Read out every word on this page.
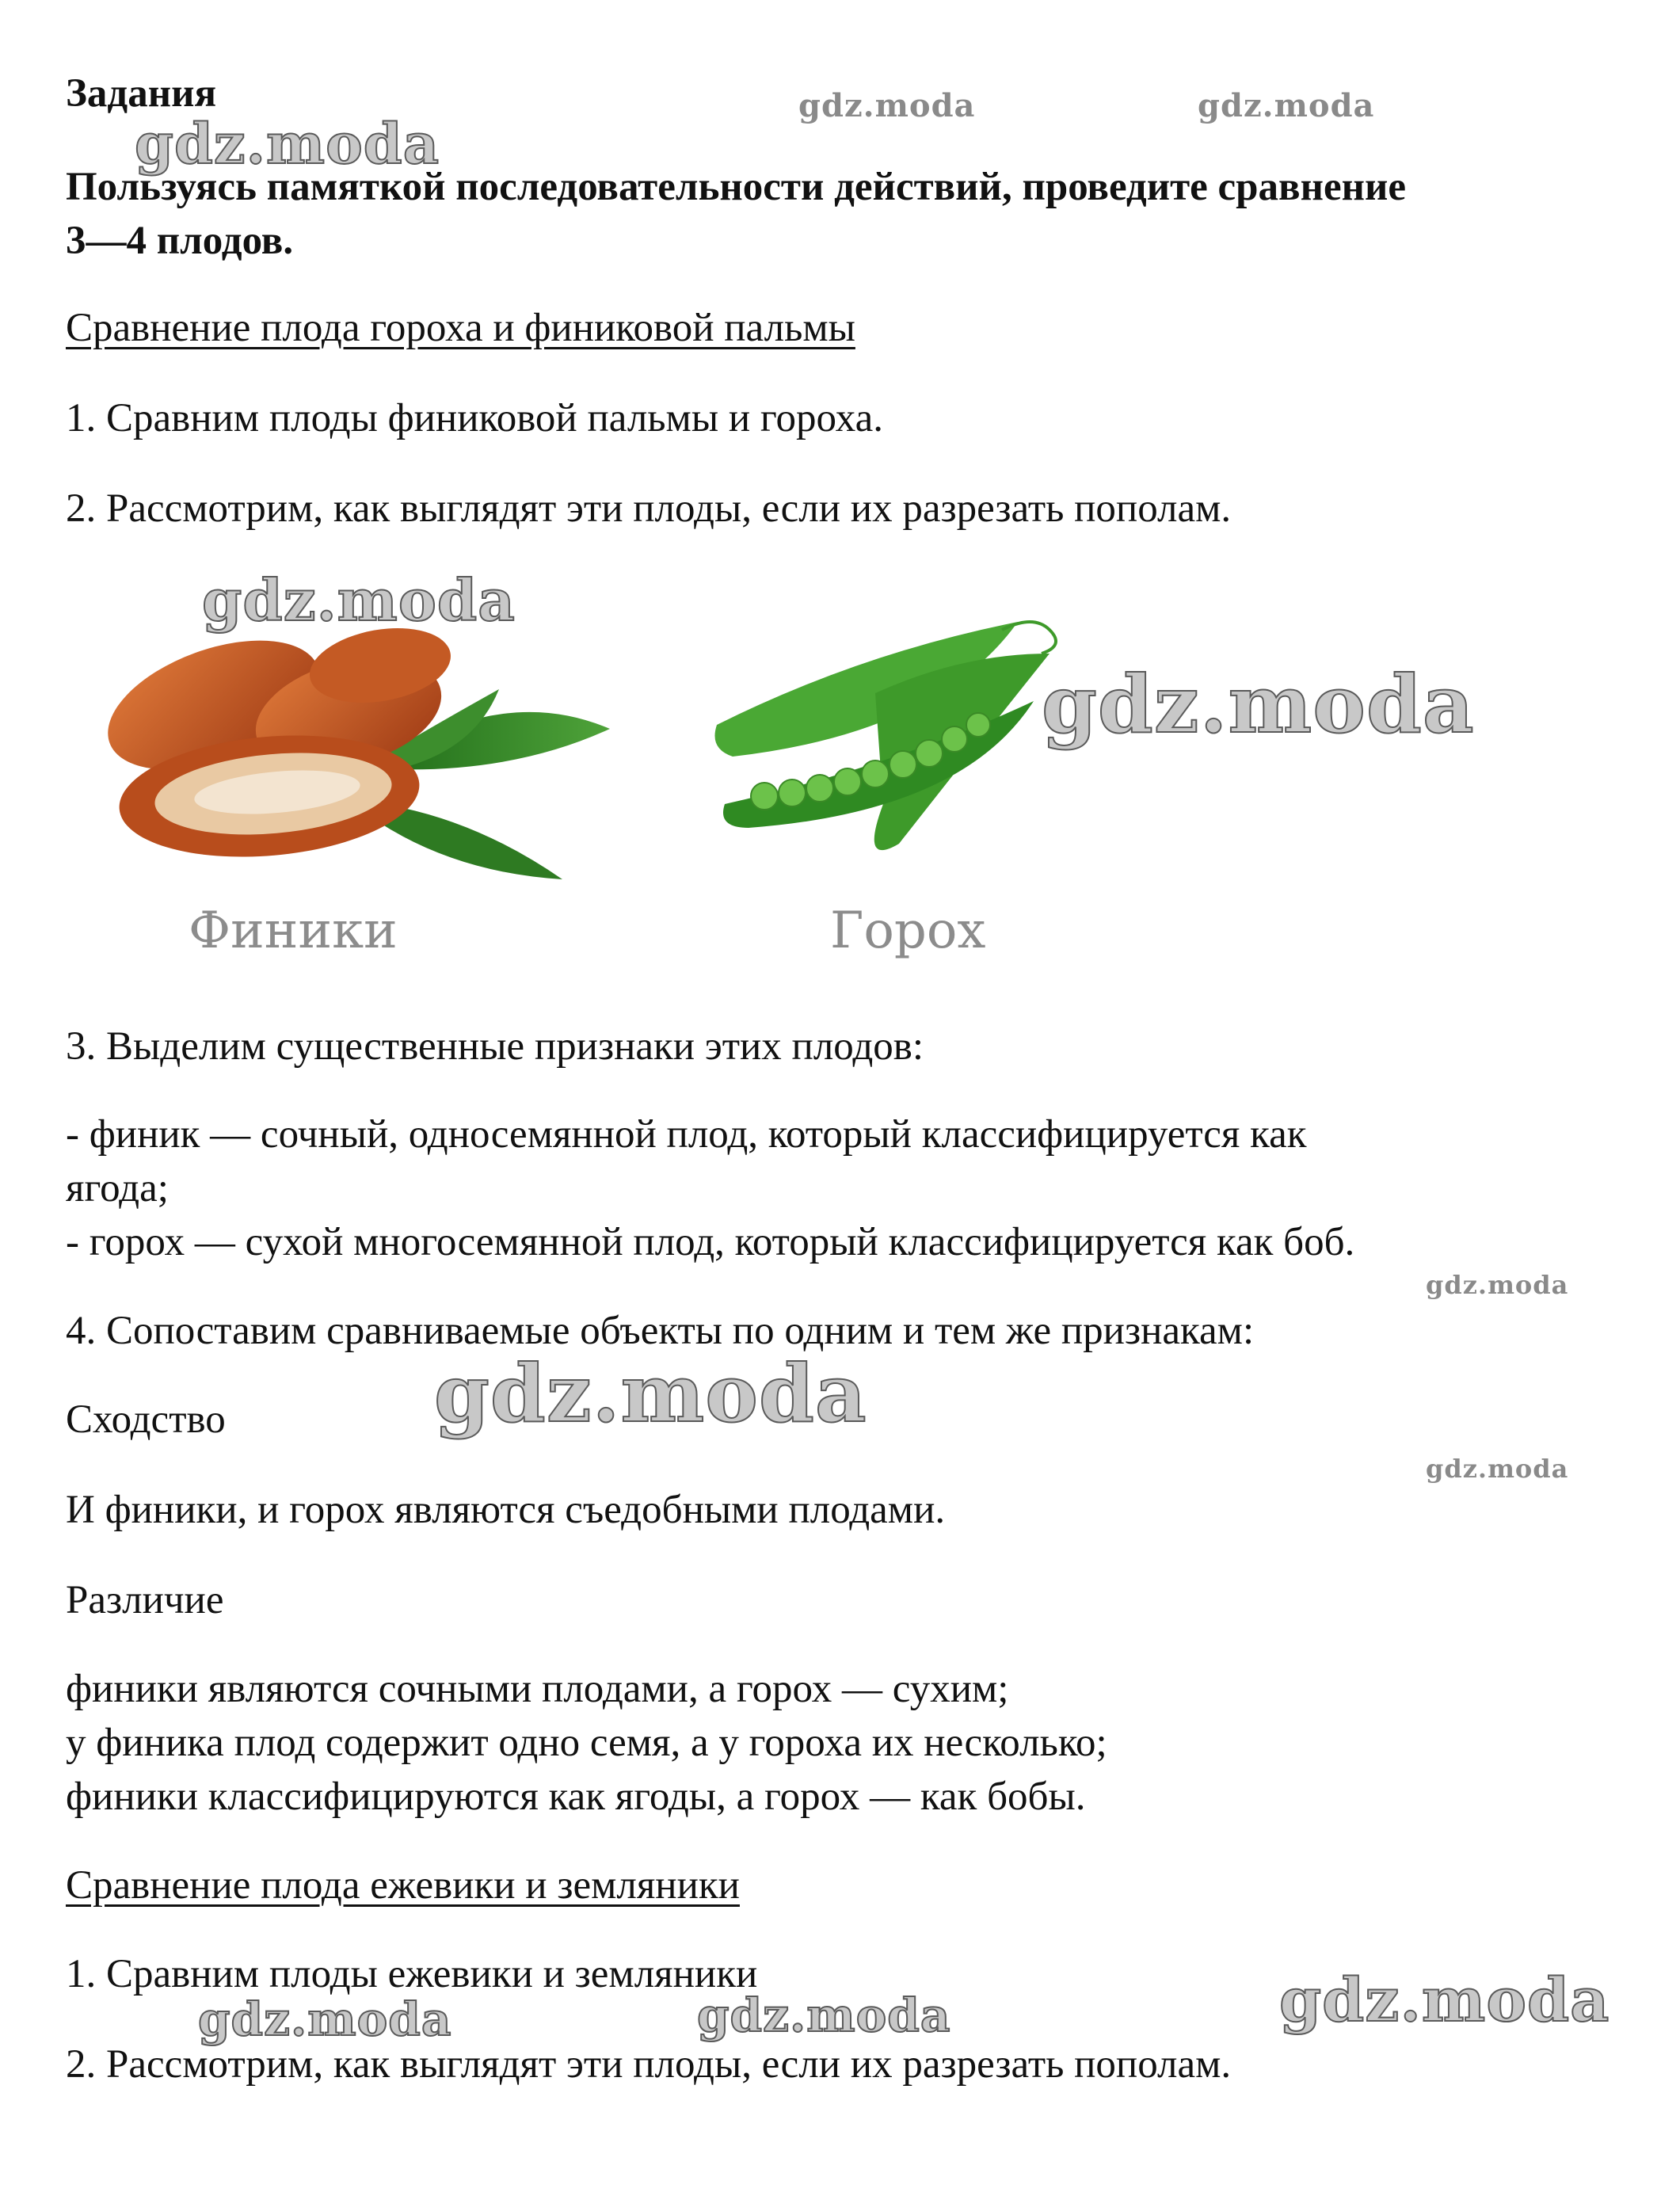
Задания

Пользуясь памяткой последовательности действий, проведите сравнение

3—4 плодов.

Сравнение плода гороха и финиковой пальмы

1. Сравним плоды финиковой пальмы и гороха.

2. Рассмотрим, как выглядят эти плоды, если их разрезать пополам.

Финики	Горох

3. Выделим существенные признаки этих плодов:

- финик — сочный, односемянной плод, который классифицируется как

ягода;

- горох — сухой многосемянной плод, который классифицируется как боб.

4. Сопоставим сравниваемые объекты по одним и тем же признакам:

Сходство

И финики, и горох являются съедобными плодами.

Различие

финики являются сочными плодами, а горох — сухим;

у финика плод содержит одно семя, а у гороха их несколько;

финики классифицируются как ягоды, а горох — как бобы.

Сравнение плода ежевики и земляники

1. Сравним плоды ежевики и земляники

2. Рассмотрим, как выглядят эти плоды, если их разрезать пополам.

gdz.moda
gdz.moda	gdz.moda
gdz.moda
gdz.moda
gdz.moda
gdz.moda
gdz.moda
gdz.moda
gdz.moda	gdz.moda
